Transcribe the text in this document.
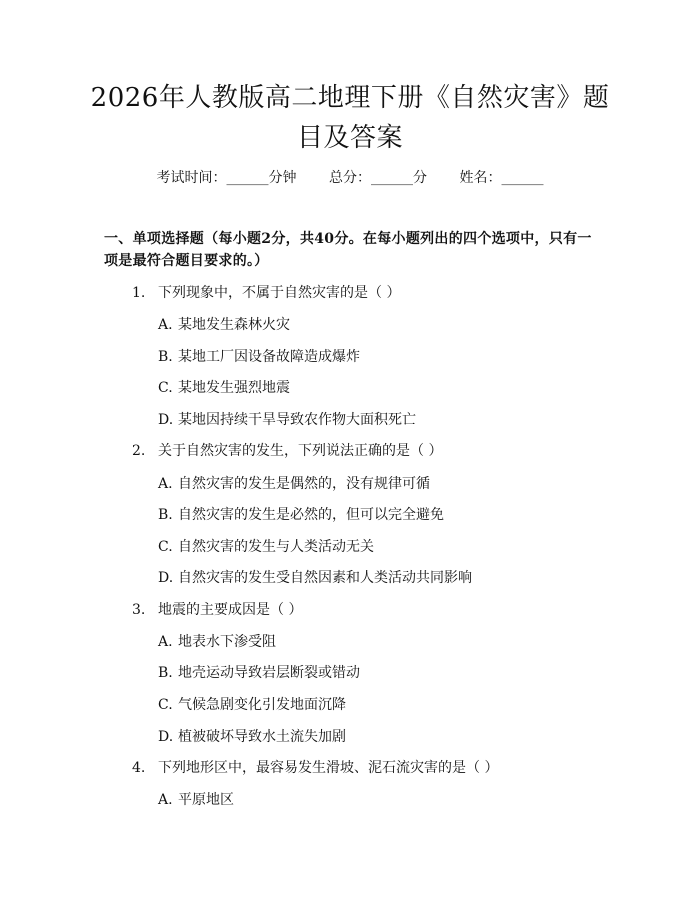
2026年人教版高二地理下册《自然灾害》题目及答案
考试时间：______分钟 总分：______分 姓名：______
一、单项选择题（每小题2分，共40分。在每小题列出的四个选项中，只有一项是最符合题目要求的。）
1. 下列现象中，不属于自然灾害的是（ ）
A. 某地发生森林火灾
B. 某地工厂因设备故障造成爆炸
C. 某地发生强烈地震
D. 某地因持续干旱导致农作物大面积死亡
2. 关于自然灾害的发生，下列说法正确的是（ ）
A. 自然灾害的发生是偶然的，没有规律可循
B. 自然灾害的发生是必然的，但可以完全避免
C. 自然灾害的发生与人类活动无关
D. 自然灾害的发生受自然因素和人类活动共同影响
3. 地震的主要成因是（ ）
A. 地表水下渗受阻
B. 地壳运动导致岩层断裂或错动
C. 气候急剧变化引发地面沉降
D. 植被破坏导致水土流失加剧
4. 下列地形区中，最容易发生滑坡、泥石流灾害的是（ ）
A. 平原地区
